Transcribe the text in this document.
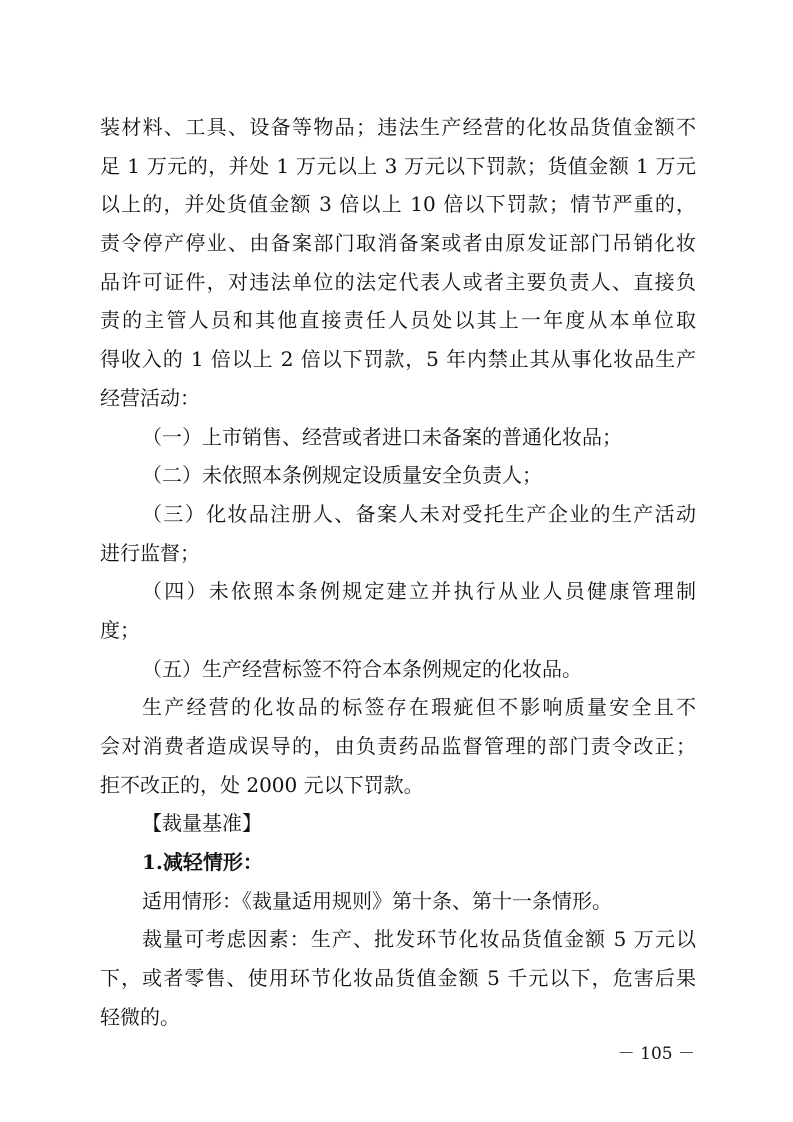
装材料、工具、设备等物品；违法生产经营的化妆品货值金额不
足 1 万元的，并处 1 万元以上 3 万元以下罚款；货值金额 1 万元
以上的，并处货值金额 3 倍以上 10 倍以下罚款；情节严重的，
责令停产停业、由备案部门取消备案或者由原发证部门吊销化妆
品许可证件，对违法单位的法定代表人或者主要负责人、直接负
责的主管人员和其他直接责任人员处以其上一年度从本单位取
得收入的 1 倍以上 2 倍以下罚款，5 年内禁止其从事化妆品生产
经营活动：
（一）上市销售、经营或者进口未备案的普通化妆品；
（二）未依照本条例规定设质量安全负责人；
（三）化妆品注册人、备案人未对受托生产企业的生产活动
进行监督；
（四）未依照本条例规定建立并执行从业人员健康管理制
度；
（五）生产经营标签不符合本条例规定的化妆品。
生产经营的化妆品的标签存在瑕疵但不影响质量安全且不
会对消费者造成误导的，由负责药品监督管理的部门责令改正；
拒不改正的，处 2000 元以下罚款。
【裁量基准】
1.减轻情形：
适用情形：《裁量适用规则》第十条、第十一条情形。
裁量可考虑因素：生产、批发环节化妆品货值金额 5 万元以
下，或者零售、使用环节化妆品货值金额 5 千元以下，危害后果
轻微的。
－ 105 －
